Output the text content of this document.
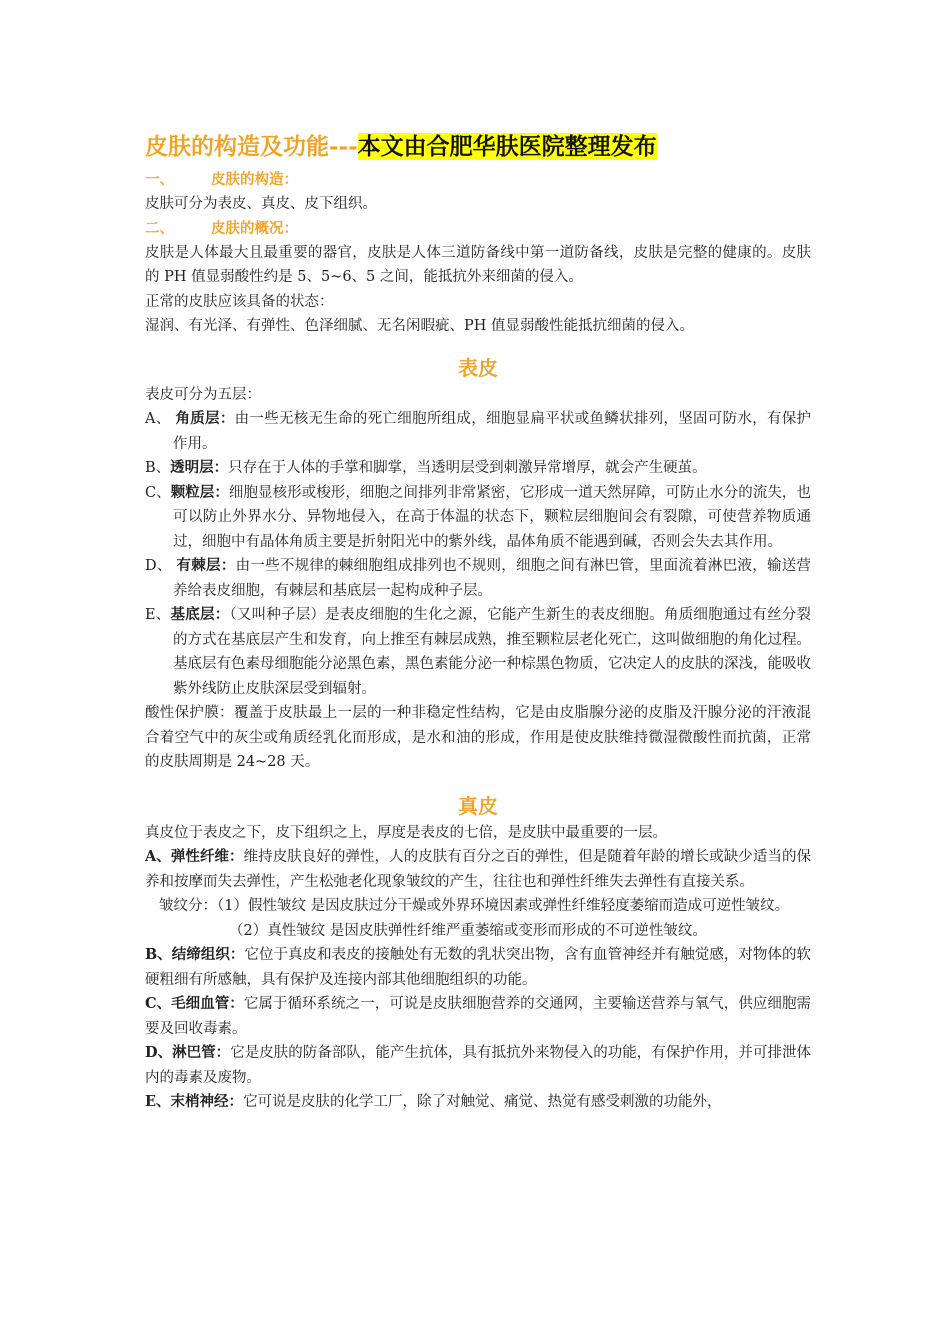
皮肤的构造及功能---本文由合肥华肤医院整理发布
一、	皮肤的构造：

皮肤可分为表皮、真皮、皮下组织。

二、	皮肤的概况：

皮肤是人体最大且最重要的器官，皮肤是人体三道防备线中第一道防备线，皮肤是完整的健康的。皮肤的 PH 值显弱酸性约是 5、5~6、5 之间，能抵抗外来细菌的侵入。

正常的皮肤应该具备的状态：

湿润、有光泽、有弹性、色泽细腻、无名闲暇疵、PH 值显弱酸性能抵抗细菌的侵入。

表皮

表皮可分为五层：

A、 角质层：由一些无核无生命的死亡细胞所组成，细胞显扁平状或鱼鳞状排列，坚固可防水，有保护作用。

B、透明层：只存在于人体的手掌和脚掌，当透明层受到刺激异常增厚，就会产生硬茧。

C、颗粒层：细胞显核形或梭形，细胞之间排列非常紧密，它形成一道天然屏障，可防止水分的流失，也可以防止外界水分、异物地侵入，在高于体温的状态下，颗粒层细胞间会有裂隙，可使营养物质通过，细胞中有晶体角质主要是折射阳光中的紫外线，晶体角质不能遇到碱，否则会失去其作用。

D、 有棘层：由一些不规律的棘细胞组成排列也不规则，细胞之间有淋巴管，里面流着淋巴液，输送营养给表皮细胞，有棘层和基底层一起构成种子层。

E、基底层：（又叫种子层）是表皮细胞的生化之源，它能产生新生的表皮细胞。角质细胞通过有丝分裂的方式在基底层产生和发育，向上推至有棘层成熟，推至颗粒层老化死亡，这叫做细胞的角化过程。基底层有色素母细胞能分泌黑色素，黑色素能分泌一种棕黑色物质，它决定人的皮肤的深浅，能吸收紫外线防止皮肤深层受到辐射。

酸性保护膜：覆盖于皮肤最上一层的一种非稳定性结构，它是由皮脂腺分泌的皮脂及汗腺分泌的汗液混合着空气中的灰尘或角质经乳化而形成，是水和油的形成，作用是使皮肤维持微湿微酸性而抗菌，正常的皮肤周期是 24~28 天。

真皮

真皮位于表皮之下，皮下组织之上，厚度是表皮的七倍，是皮肤中最重要的一层。

A、弹性纤维：维持皮肤良好的弹性，人的皮肤有百分之百的弹性，但是随着年龄的增长或缺少适当的保养和按摩而失去弹性，产生松弛老化现象皱纹的产生，往往也和弹性纤维失去弹性有直接关系。

皱纹分：（1）假性皱纹 是因皮肤过分干燥或外界环境因素或弹性纤维轻度萎缩而造成可逆性皱纹。

（2）真性皱纹 是因皮肤弹性纤维严重萎缩或变形而形成的不可逆性皱纹。

B、结缔组织：它位于真皮和表皮的接触处有无数的乳状突出物，含有血管神经并有触觉感，对物体的软硬粗细有所感触，具有保护及连接内部其他细胞组织的功能。

C、毛细血管：它属于循环系统之一，可说是皮肤细胞营养的交通网，主要输送营养与氧气，供应细胞需要及回收毒素。

D、淋巴管：它是皮肤的防备部队，能产生抗体，具有抵抗外来物侵入的功能，有保护作用，并可排泄体内的毒素及废物。

E、末梢神经：它可说是皮肤的化学工厂，除了对触觉、痛觉、热觉有感受刺激的功能外，
